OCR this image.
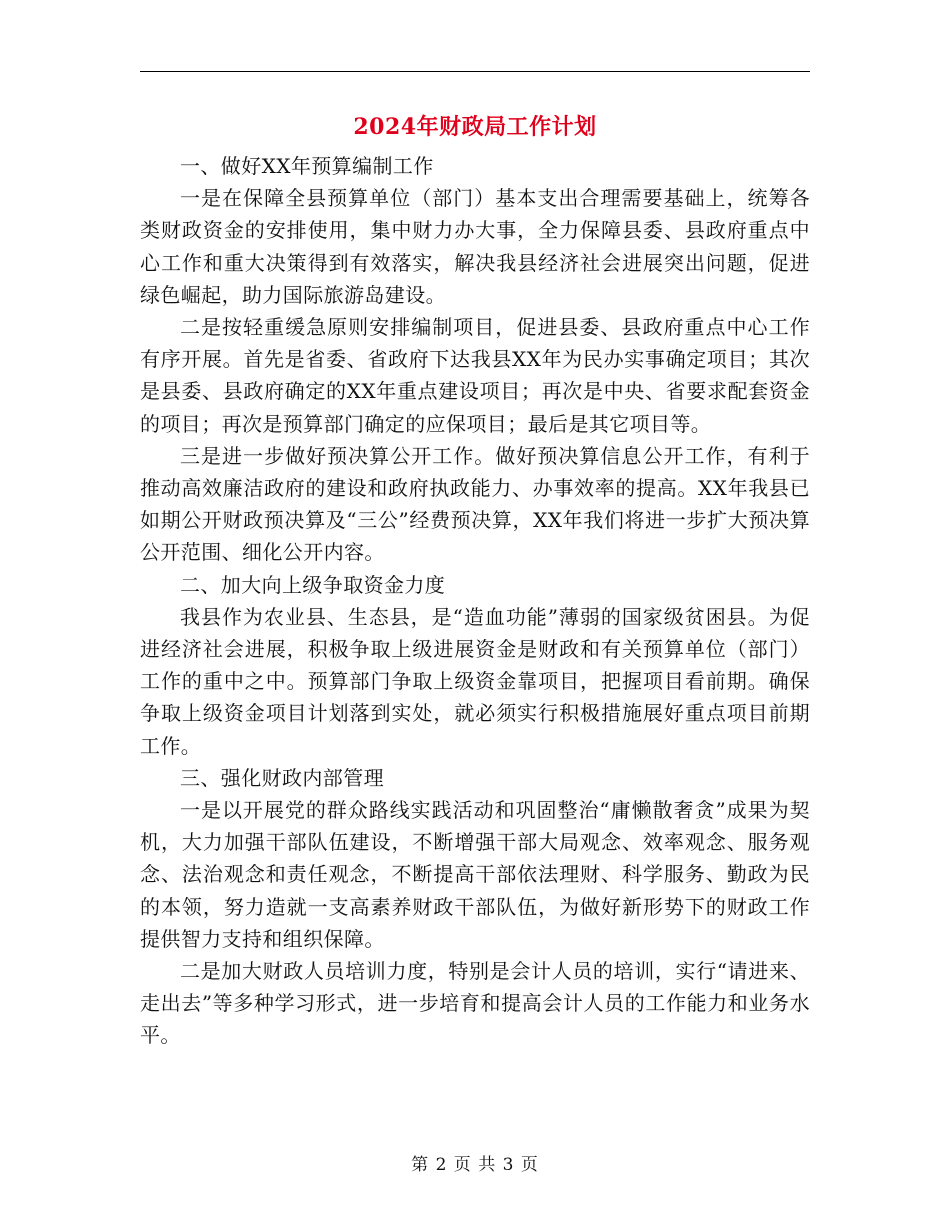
2024年财政局工作计划

一、做好XX年预算编制工作

一是在保障全县预算单位（部门）基本支出合理需要基础上，统筹各类财政资金的安排使用，集中财力办大事，全力保障县委、县政府重点中心工作和重大决策得到有效落实，解决我县经济社会进展突出问题，促进绿色崛起，助力国际旅游岛建设。

二是按轻重缓急原则安排编制项目，促进县委、县政府重点中心工作有序开展。首先是省委、省政府下达我县XX年为民办实事确定项目；其次是县委、县政府确定的XX年重点建设项目；再次是中央、省要求配套资金的项目；再次是预算部门确定的应保项目；最后是其它项目等。

三是进一步做好预决算公开工作。做好预决算信息公开工作，有利于推动高效廉洁政府的建设和政府执政能力、办事效率的提高。XX年我县已如期公开财政预决算及“三公”经费预决算，XX年我们将进一步扩大预决算公开范围、细化公开内容。

二、加大向上级争取资金力度

我县作为农业县、生态县，是“造血功能”薄弱的国家级贫困县。为促进经济社会进展，积极争取上级进展资金是财政和有关预算单位（部门）工作的重中之中。预算部门争取上级资金靠项目，把握项目看前期。确保争取上级资金项目计划落到实处，就必须实行积极措施展好重点项目前期工作。

三、强化财政内部管理

一是以开展党的群众路线实践活动和巩固整治“庸懒散奢贪”成果为契机，大力加强干部队伍建设，不断增强干部大局观念、效率观念、服务观念、法治观念和责任观念，不断提高干部依法理财、科学服务、勤政为民的本领，努力造就一支高素养财政干部队伍，为做好新形势下的财政工作提供智力支持和组织保障。

二是加大财政人员培训力度，特别是会计人员的培训，实行“请进来、走出去”等多种学习形式，进一步培育和提高会计人员的工作能力和业务水平。

第 2 页 共 3 页
